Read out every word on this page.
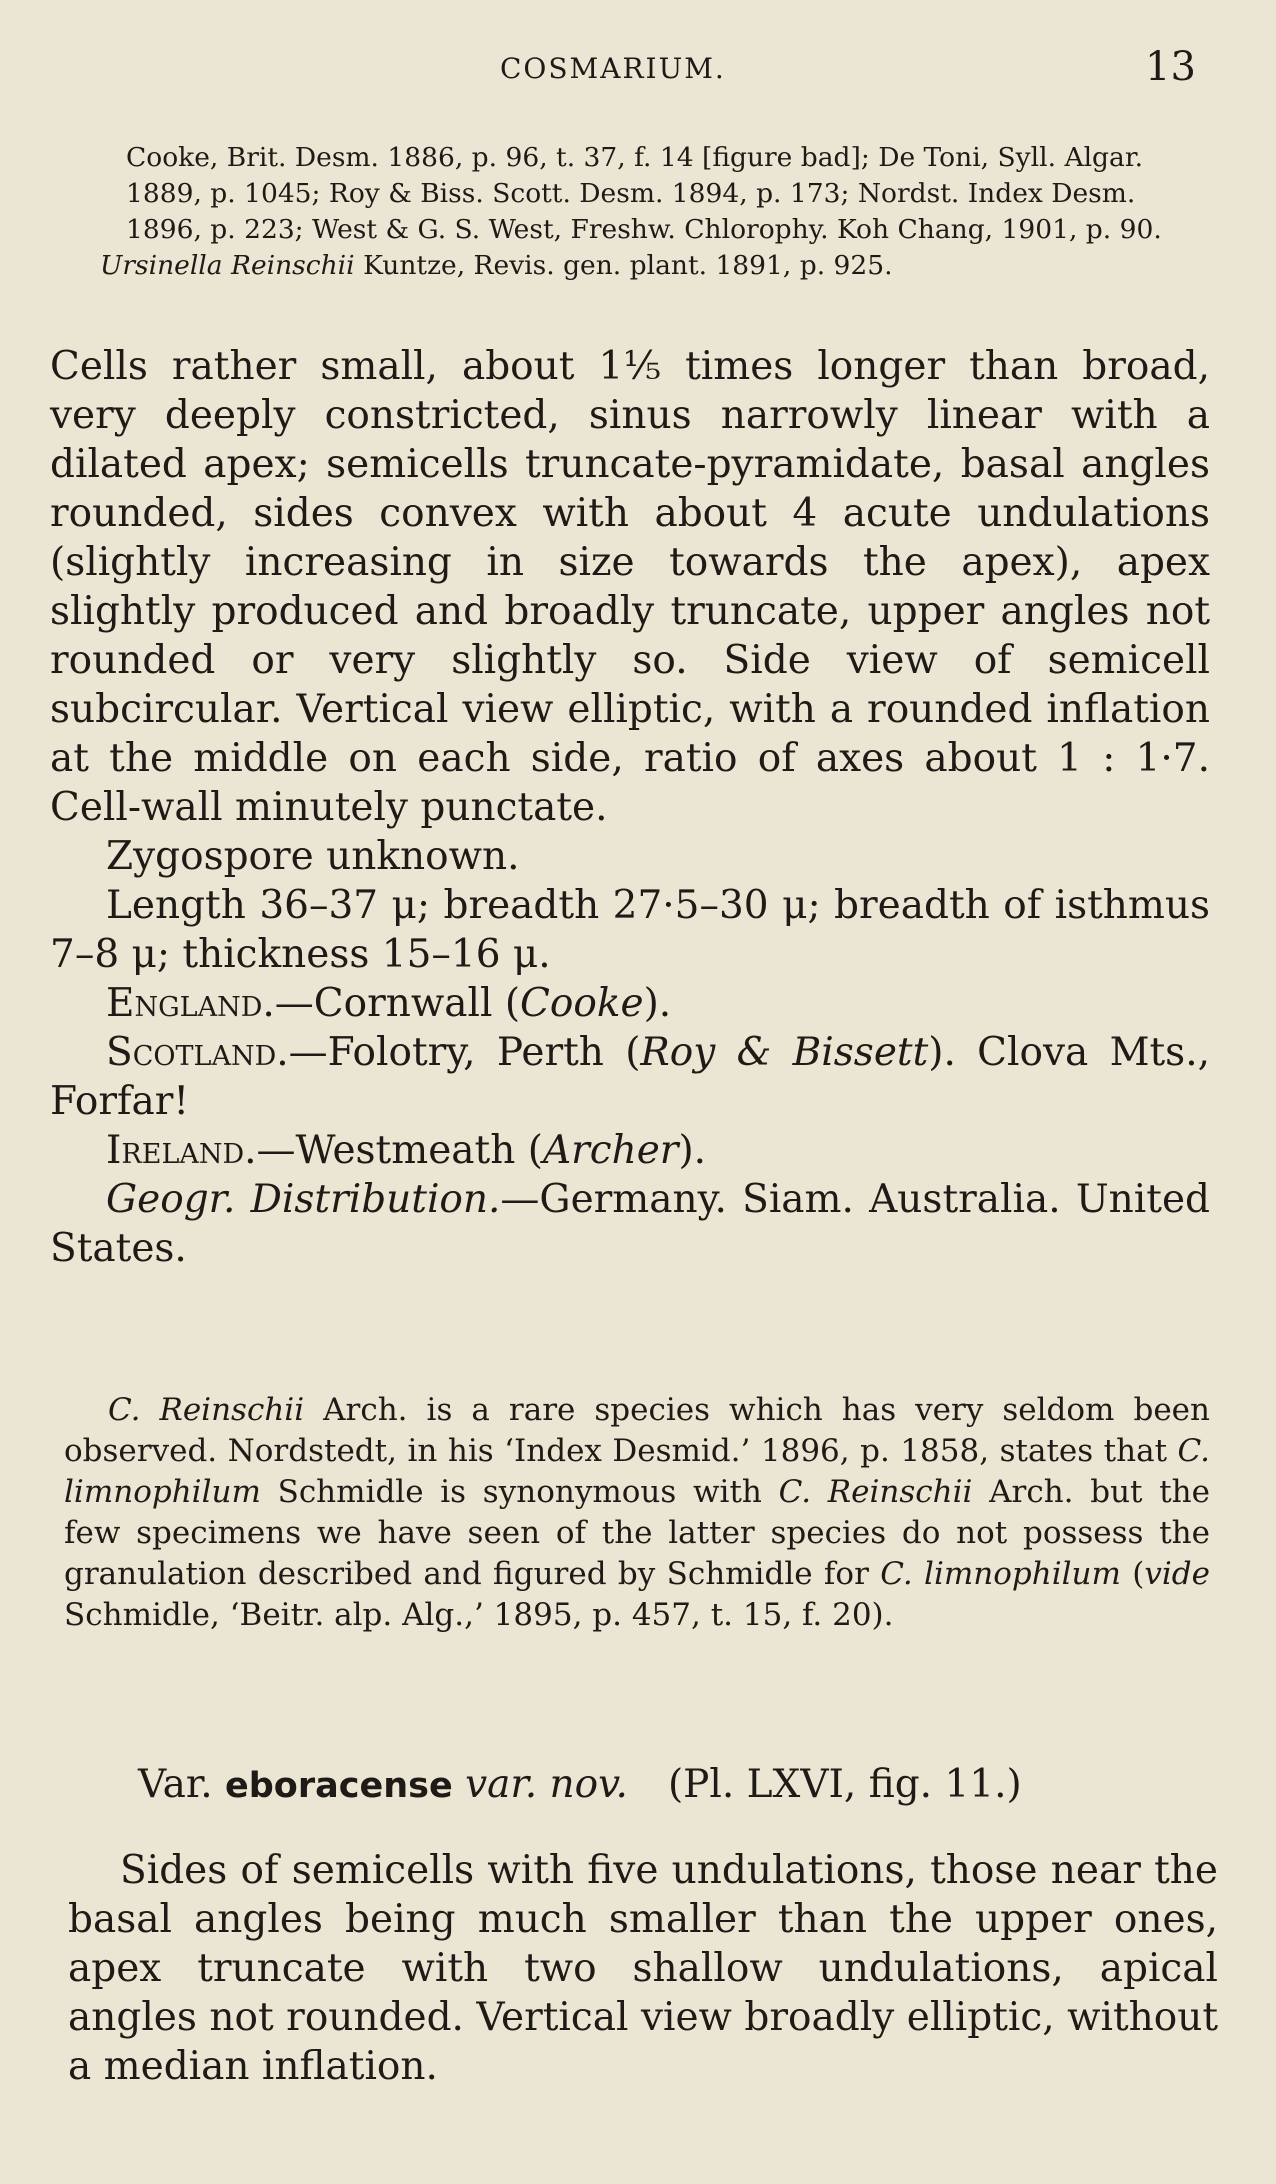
COSMARIUM.	13

Cooke, Brit. Desm. 1886, p. 96, t. 37, f. 14 [figure bad]; De Toni, Syll. Algar. 1889, p. 1045; Roy & Biss. Scott. Desm. 1894, p. 173; Nordst. Index Desm. 1896, p. 223; West & G. S. West, Freshw. Chlorophy. Koh Chang, 1901, p. 90.

Ursinella Reinschii Kuntze, Revis. gen. plant. 1891, p. 925.

Cells rather small, about 1⅕ times longer than broad, very deeply constricted, sinus narrowly linear with a dilated apex; semicells truncate-pyramidate, basal angles rounded, sides convex with about 4 acute undulations (slightly increasing in size towards the apex), apex slightly produced and broadly truncate, upper angles not rounded or very slightly so. Side view of semicell subcircular. Vertical view elliptic, with a rounded inflation at the middle on each side, ratio of axes about 1 : 1·7. Cell-wall minutely punctate.

Zygospore unknown.

Length 36–37 μ; breadth 27·5–30 μ; breadth of isthmus 7–8 μ; thickness 15–16 μ.

England.—Cornwall (Cooke).

Scotland.—Folotry, Perth (Roy & Bissett). Clova Mts., Forfar!

Ireland.—Westmeath (Archer).

Geogr. Distribution.—Germany. Siam. Australia. United States.

C. Reinschii Arch. is a rare species which has very seldom been observed. Nordstedt, in his ‘Index Desmid.’ 1896, p. 1858, states that C. limnophilum Schmidle is synonymous with C. Reinschii Arch. but the few specimens we have seen of the latter species do not possess the granulation described and figured by Schmidle for C. limnophilum (vide Schmidle, ‘Beitr. alp. Alg.,’ 1895, p. 457, t. 15, f. 20).

Var. eboracense var. nov. (Pl. LXVI, fig. 11.)

Sides of semicells with five undulations, those near the basal angles being much smaller than the upper ones, apex truncate with two shallow undulations, apical angles not rounded. Vertical view broadly elliptic, without a median inflation.
